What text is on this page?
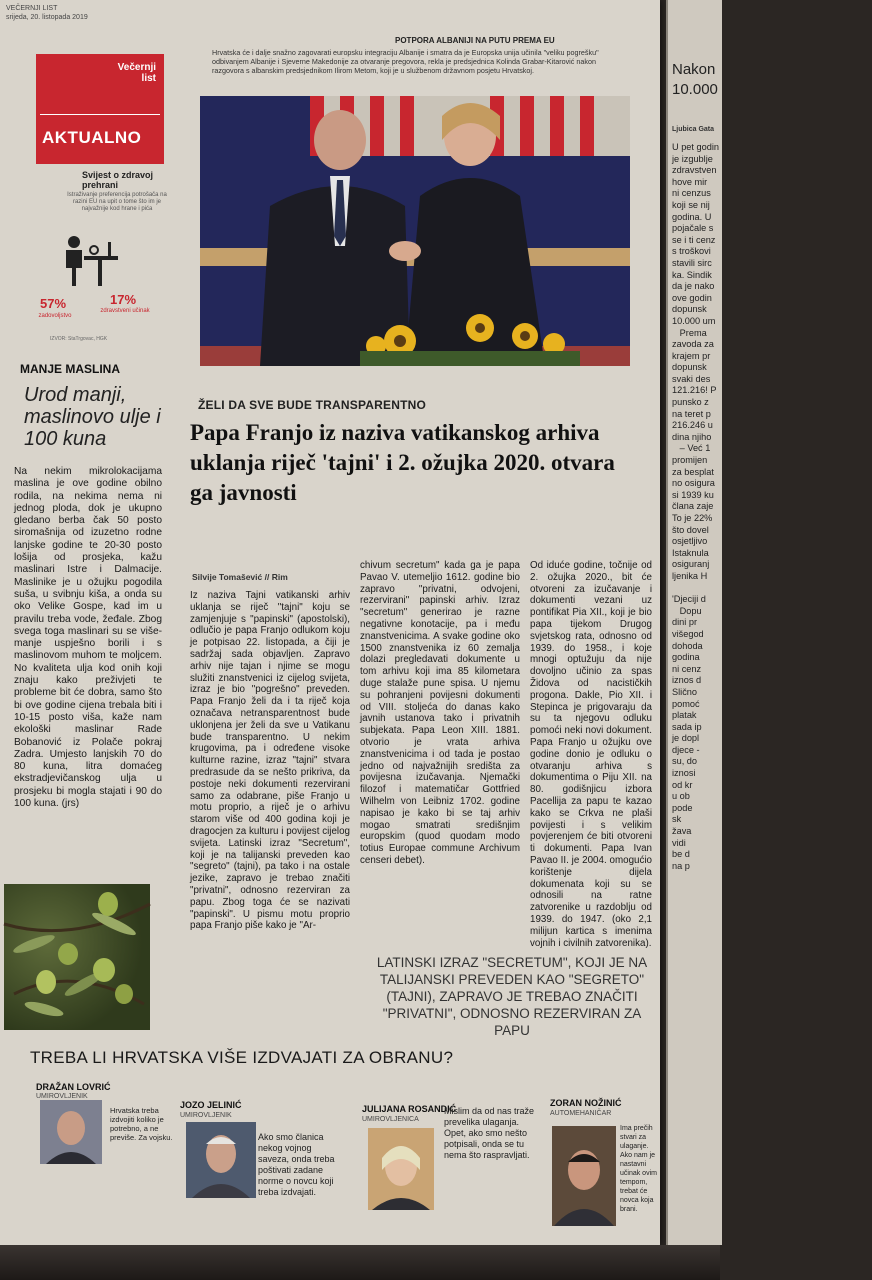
VEČERNJI LIST
srijeda, 20. listopada 2019
Večernji list
AKTUALNO
Svijest o zdravoj prehrani
Istraživanje preferencija potrošača na razini EU na upit o tome što im je najvažnije kod hrane i pića
57%
zadovoljstvo
17%
zdravstveni učinak
IZVOR: StaTrgovac, HGK
MANJE MASLINA
Urod manji, maslinovo ulje i 100 kuna
Na nekim mikrolokacijama maslina je ove godine obilno rodila, na nekima nema ni jednog ploda, dok je ukupno gledano berba čak 50 posto siromašnija od izuzetno rodne lanjske godine te 20-30 posto lošija od prosjeka, kažu maslinari Istre i Dalmacije. Maslinike je u ožujku pogodila suša, u svibnju kiša, a onda su oko Velike Gospe, kad im u pravilu treba vode, žeđale. Zbog svega toga maslinari su se više-manje uspješno borili i s maslinovom muhom te moljcem. No kvaliteta ulja kod onih koji znaju kako preživjeti te probleme bit će dobra, samo što bi ove godine cijena trebala biti i 10-15 posto viša, kaže nam ekološki maslinar Rade Bobanović iz Polače pokraj Zadra. Umjesto lanjskih 70 do 80 kuna, litra domaćeg ekstradjevičanskog ulja u prosjeku bi mogla stajati i 90 do 100 kuna. (jrs)
POTPORA ALBANIJI NA PUTU PREMA EU
Hrvatska će i dalje snažno zagovarati europsku integraciju Albanije i smatra da je Europska unija učinila "veliku pogrešku" odbivanjem Albanije i Sjeverne Makedonije za otvaranje pregovora, rekla je predsjednica Kolinda Grabar-Kitarović nakon razgovora s albanskim predsjednikom Ilirom Metom, koji je u službenom državnom posjetu Hrvatskoj.
ŽELI DA SVE BUDE TRANSPARENTNO
Papa Franjo iz naziva vatikanskog arhiva uklanja riječ 'tajni' i 2. ožujka 2020. otvara ga javnosti
Silvije Tomašević // Rim
Iz naziva Tajni vatikanski arhiv uklanja se riječ "tajni" koju se zamjenjuje s "papinski" (apostolski), odlučio je papa Franjo odlukom koju je potpisao 22. listopada, a čiji je sadržaj sada objavljen. Zapravo arhiv nije tajan i njime se mogu služiti znanstvenici iz cijelog svijeta, izraz je bio "pogrešno" preveden. Papa Franjo želi da i ta riječ koja označava netransparentnost bude uklonjena jer želi da sve u Vatikanu bude transparentno. U nekim krugovima, pa i određene visoke kulturne razine, izraz "tajni" stvara predrasude da se nešto prikriva, da postoje neki dokumenti rezervirani samo za odabrane, piše Franjo u motu proprio, a riječ je o arhivu starom više od 400 godina koji je dragocjen za kulturu i povijest cijelog svijeta. Latinski izraz "Secretum", koji je na talijanski preveden kao "segreto" (tajni), pa tako i na ostale jezike, zapravo je trebao značiti "privatni", odnosno rezerviran za papu. Zbog toga će se nazivati "papinski". U pismu motu proprio papa Franjo piše kako je "Ar-
chivum secretum" kada ga je papa Pavao V. utemeljio 1612. godine bio zapravo "privatni, odvojeni, rezervirani" papinski arhiv. Izraz "secretum" generirao je razne negativne konotacije, pa i među znanstvenicima. A svake godine oko 1500 znanstvenika iz 60 zemalja dolazi pregledavati dokumente u tom arhivu koji ima 85 kilometara duge stalaže pune spisa. U njemu su pohranjeni povijesni dokumenti od VIII. stoljeća do danas kako javnih ustanova tako i privatnih subjekata. Papa Leon XIII. 1881. otvorio je vrata arhiva znanstvenicima i od tada je postao jedno od najvažnijih središta za povijesna izučavanja. Njemački filozof i matematičar Gottfried Wilhelm von Leibniz 1702. godine napisao je kako bi se taj arhiv mogao smatrati središnjim europskim (quod quodam modo totius Europae commune Archivum censeri debet).
Od iduće godine, točnije od 2. ožujka 2020., bit će otvoreni za izučavanje i dokumenti vezani uz pontifikat Pia XII., koji je bio papa tijekom Drugog svjetskog rata, odnosno od 1939. do 1958., i koje mnogi optužuju da nije dovoljno učinio za spas Židova od nacističkih progona. Dakle, Pio XII. i Stepinca je prigovaraju da su ta njegovu odluku pomoći neki novi dokument. Papa Franjo u ožujku ove godine donio je odluku o otvaranju arhiva s dokumentima o Piju XII. na 80. godišnjicu izbora Pacellija za papu te kazao kako se Crkva ne plaši povijesti i s velikim povjerenjem će biti otvoreni ti dokumenti. Papa Ivan Pavao II. je 2004. omogućio korištenje dijela dokumenata koji su se odnosili na ratne zatvorenike u razdoblju od 1939. do 1947. (oko 2,1 milijun kartica s imenima vojnih i civilnih zatvorenika).
LATINSKI IZRAZ "SECRETUM", KOJI JE NA TALIJANSKI PREVEDEN KAO "SEGRETO" (TAJNI), ZAPRAVO JE TREBAO ZNAČITI "PRIVATNI", ODNOSNO REZERVIRAN ZA PAPU
TREBA LI HRVATSKA VIŠE IZDVAJATI ZA OBRANU?
DRAŽAN LOVRIĆ
UMIROVLJENIK
Hrvatska treba izdvojiti koliko je potrebno, a ne previše. Za vojsku.
JOZO JELINIĆ
UMIROVLJENIK
Ako smo članica nekog vojnog saveza, onda treba poštivati zadane norme o novcu koji treba izdvajati.
JULIJANA ROSANDIĆ
UMIROVLJENICA
Mislim da od nas traže prevelika ulaganja. Opet, ako smo nešto potpisali, onda se tu nema što raspravljati.
ZORAN NOŽINIĆ
AUTOMEHANIČAR
Ima prečih stvari za ulaganje. Ako nam je nastavni učinak ovim tempom, trebat će novca koja brani.
Nakon
10.000
Ljubica Gata
U pet godin
je izgublje
zdravstven
hove mir
ni cenzus
koji se nij
godina. U
pojačale s
se i ti cenz
s troškovi
stavili sirc
ka. Sindik
da je nako
ove godin
dopunsk
10.000 um
Prema
zavoda za
krajem pr
dopunsk
svaki des
121.216! P
punsko z
na teret p
216.246 u
dina njiho
– Već 1
promijen
za besplat
no osigura
si 1939 ku
člana zaje
To je 22%
što dovel
osjetljivo
Istaknula
osiguranj
ljenika H

'Djeciji d
Dopu
dini pr
višegod
dohoda
godina
ni cenz
iznos d
Slično
pomoć
platak
sada ip
je dopl
djece -
su, do
iznosi
od kr
u ob
pode
sk
žava
vidi
be d
na p
